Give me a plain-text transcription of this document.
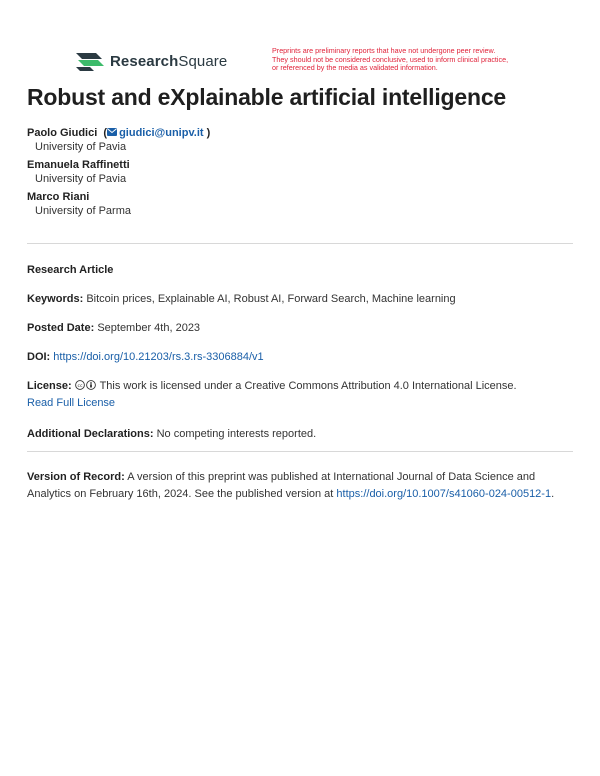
ResearchSquare
Preprints are preliminary reports that have not undergone peer review.
They should not be considered conclusive, used to inform clinical practice,
or referenced by the media as validated information.
Robust and eXplainable artificial intelligence
Paolo Giudici  ( giudici@unipv.it )
University of Pavia
Emanuela Raffinetti
University of Pavia
Marco Riani
University of Parma
Research Article
Keywords: Bitcoin prices, Explainable AI, Robust AI, Forward Search, Machine learning
Posted Date: September 4th, 2023
DOI: https://doi.org/10.21203/rs.3.rs-3306884/v1
License: cc This work is licensed under a Creative Commons Attribution 4.0 International License.
Read Full License
Additional Declarations: No competing interests reported.
Version of Record: A version of this preprint was published at International Journal of Data Science and Analytics on February 16th, 2024. See the published version at https://doi.org/10.1007/s41060-024-00512-1.
